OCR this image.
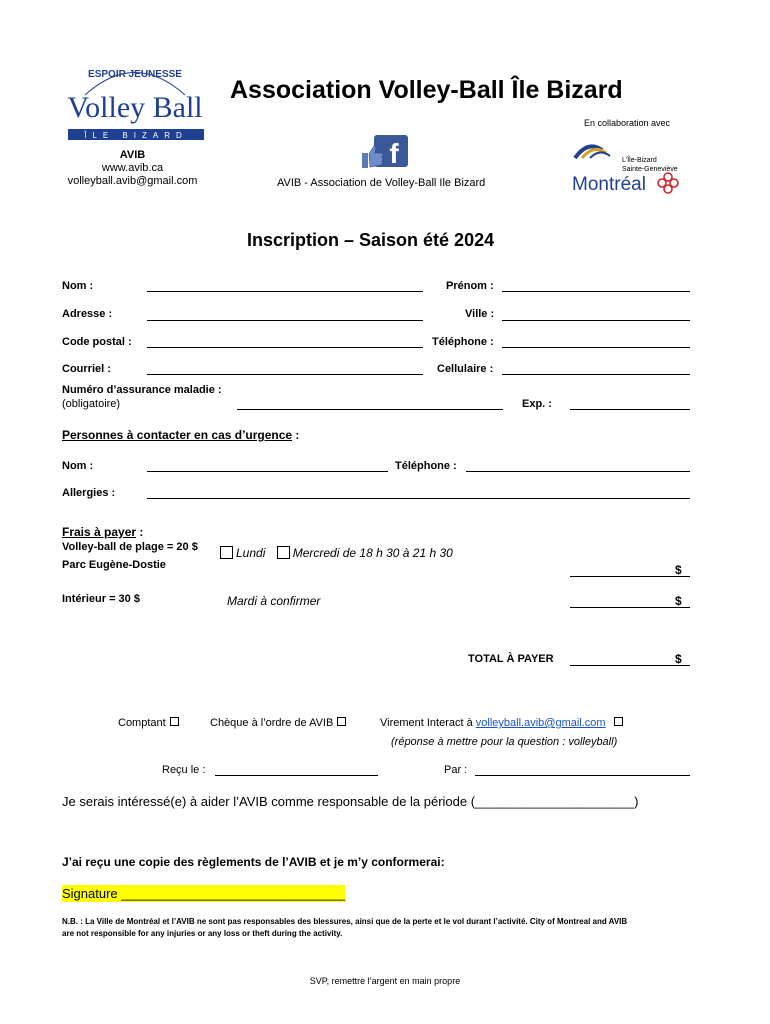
ESPOIR JEUNESSE
Volley Ball
ÎLE BIZARD
Association Volley-Ball Île Bizard
En collaboration avec
AVIB
www.avib.ca
volleyball.avib@gmail.com
f
AVIB - Association de Volley-Ball Ile Bizard
L'Île-Bizard
Sainte-Geneviève
Montréal
Inscription – Saison été 2024
Nom :	Prénom :
Adresse :	Ville :
Code postal :	Téléphone :
Courriel :	Cellulaire :
Numéro d’assurance maladie :
(obligatoire)	Exp. :
Personnes à contacter en cas d’urgence :
Nom :	Téléphone :
Allergies :
Frais à payer :
Volley-ball de plage = 20 $
Parc Eugène-Dostie
Lundi Mercredi de 18 h 30 à 21 h 30
$
Intérieur = 30 $	Mardi à confirmer	$
TOTAL À PAYER	$
Comptant	Chèque à l’ordre de AVIB	Virement Interact à volleyball.avib@gmail.com
(réponse à mettre pour la question : volleyball)
Reçu le :	Par :
Je serais intéressé(e) à aider l’AVIB comme responsable de la période (______________________)
J’ai reçu une copie des règlements de l’AVIB et je m’y conformerai:
Signature _______________________________
N.B. : La Ville de Montréal et l’AVIB ne sont pas responsables des blessures, ainsi que de la perte et le vol durant l’activité. City of Montreal and AVIB
are not responsible for any injuries or any loss or theft during the activity.
SVP, remettre l’argent en main propre
